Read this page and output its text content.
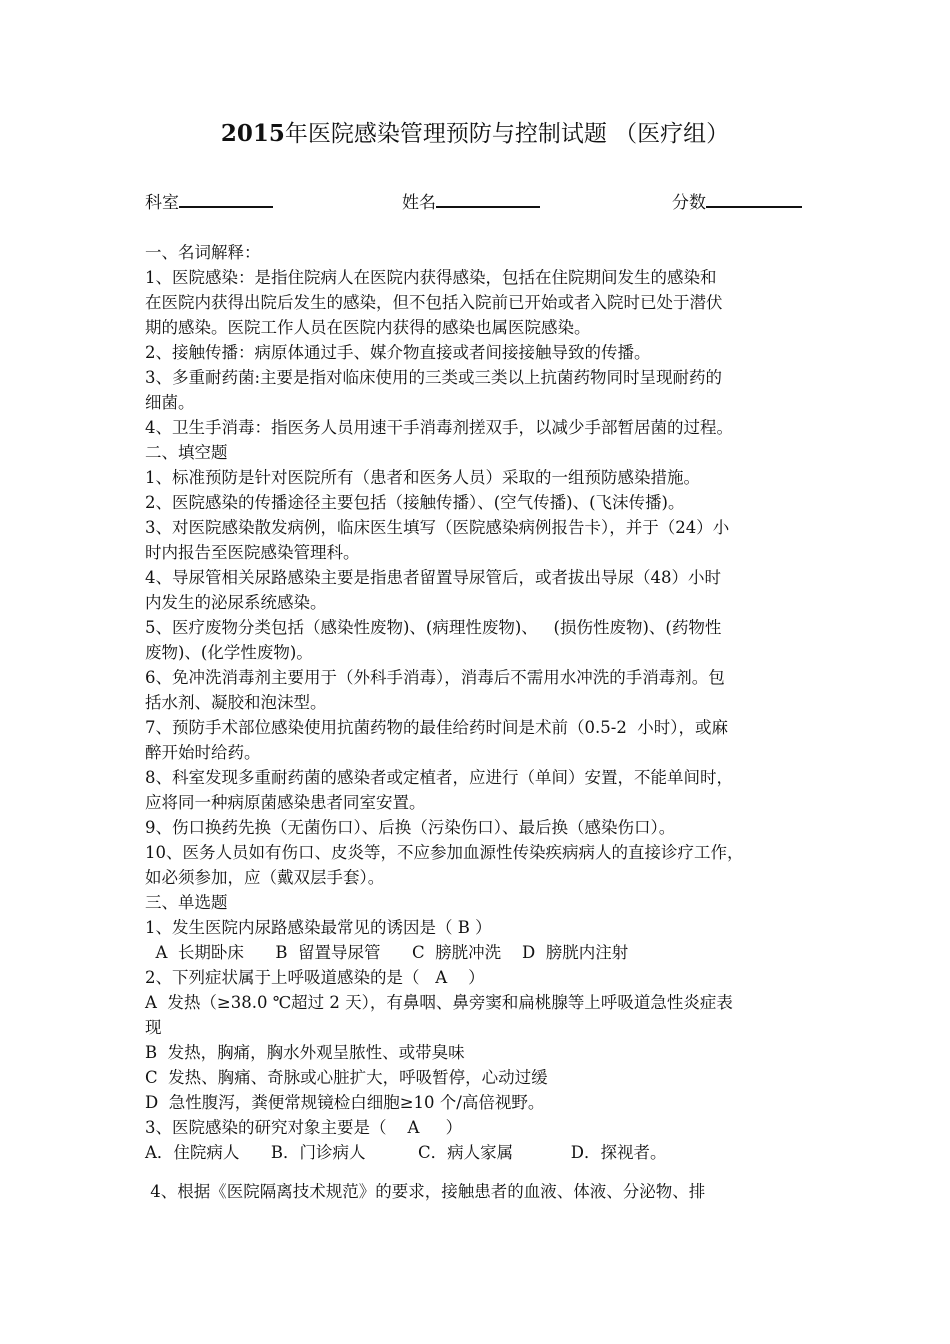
2015年医院感染管理预防与控制试题 （医疗组）
科室	姓名	分数
一、名词解释：
1、医院感染：是指住院病人在医院内获得感染，包括在住院期间发生的感染和
在医院内获得出院后发生的感染，但不包括入院前已开始或者入院时已处于潜伏
期的感染。医院工作人员在医院内获得的感染也属医院感染。
2、接触传播：病原体通过手、媒介物直接或者间接接触导致的传播。
3、多重耐药菌:主要是指对临床使用的三类或三类以上抗菌药物同时呈现耐药的
细菌。
4、卫生手消毒：指医务人员用速干手消毒剂搓双手，以减少手部暂居菌的过程。
二、填空题
1、标准预防是针对医院所有（患者和医务人员）采取的一组预防感染措施。
2、医院感染的传播途径主要包括（接触传播）、(空气传播)、(飞沫传播)。
3、对医院感染散发病例，临床医生填写（医院感染病例报告卡），并于（24）小
时内报告至医院感染管理科。
4、导尿管相关尿路感染主要是指患者留置导尿管后，或者拔出导尿（48）小时
内发生的泌尿系统感染。
5、医疗废物分类包括（感染性废物)、(病理性废物)、   (损伤性废物)、(药物性
废物)、(化学性废物)。
6、免冲洗消毒剂主要用于（外科手消毒），消毒后不需用水冲洗的手消毒剂。包
括水剂、凝胶和泡沫型。
7、预防手术部位感染使用抗菌药物的最佳给药时间是术前（0.5-2  小时），或麻
醉开始时给药。
8、科室发现多重耐药菌的感染者或定植者，应进行（单间）安置，不能单间时，
应将同一种病原菌感染患者同室安置。
9、伤口换药先换（无菌伤口）、后换（污染伤口）、最后换（感染伤口）。
10、医务人员如有伤口、皮炎等，不应参加血源性传染疾病病人的直接诊疗工作，
如必须参加，应（戴双层手套）。
三、单选题
1、发生医院内尿路感染最常见的诱因是（ B ）
A  长期卧床      B  留置导尿管      C  膀胱冲洗    D  膀胱内注射
2、下列症状属于上呼吸道感染的是（   A    ）
A  发热（≥38.0 ℃超过 2 天），有鼻咽、鼻旁窦和扁桃腺等上呼吸道急性炎症表
现
B  发热，胸痛，胸水外观呈脓性、或带臭味
C  发热、胸痛、奇脉或心脏扩大，呼吸暂停，心动过缓
D  急性腹泻，粪便常规镜检白细胞≥10 个/高倍视野。
3、医院感染的研究对象主要是（    A     ）
A．住院病人      B．门诊病人          C．病人家属           D．探视者。
4、根据《医院隔离技术规范》的要求，接触患者的血液、体液、分泌物、排
